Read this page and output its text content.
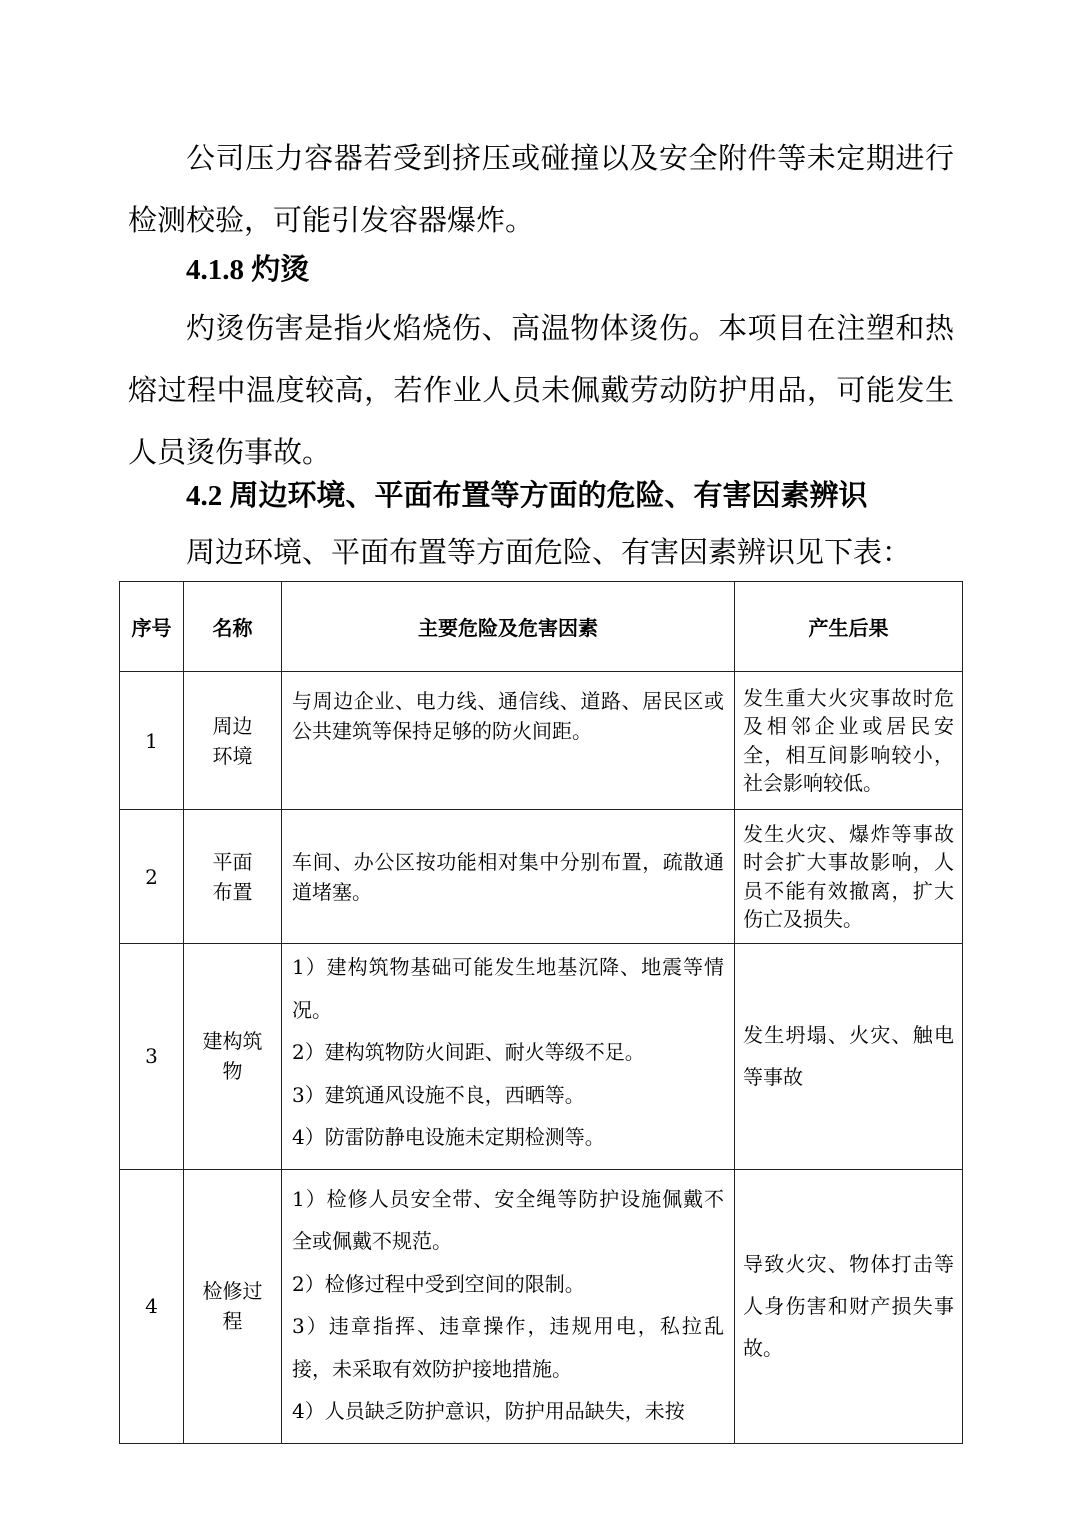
公司压力容器若受到挤压或碰撞以及安全附件等未定期进行检测校验，可能引发容器爆炸。

4.1.8 灼烫

灼烫伤害是指火焰烧伤、高温物体烫伤。本项目在注塑和热熔过程中温度较高，若作业人员未佩戴劳动防护用品，可能发生人员烫伤事故。

4.2 周边环境、平面布置等方面的危险、有害因素辨识

周边环境、平面布置等方面危险、有害因素辨识见下表：

序号	名称	主要危险及危害因素	产生后果
1	周边环境	与周边企业、电力线、通信线、道路、居民区或公共建筑等保持足够的防火间距。	发生重大火灾事故时危及相邻企业或居民安全，相互间影响较小，社会影响较低。
2	平面布置	车间、办公区按功能相对集中分别布置，疏散通道堵塞。	发生火灾、爆炸等事故时会扩大事故影响，人员不能有效撤离，扩大伤亡及损失。
3	建构筑物	1）建构筑物基础可能发生地基沉降、地震等情况。
2）建构筑物防火间距、耐火等级不足。
3）建筑通风设施不良，西晒等。
4）防雷防静电设施未定期检测等。	发生坍塌、火灾、触电等事故
4	检修过程	1）检修人员安全带、安全绳等防护设施佩戴不全或佩戴不规范。
2）检修过程中受到空间的限制。
3）违章指挥、违章操作，违规用电，私拉乱接，未采取有效防护接地措施。
4）人员缺乏防护意识，防护用品缺失，未按	导致火灾、物体打击等人身伤害和财产损失事故。
